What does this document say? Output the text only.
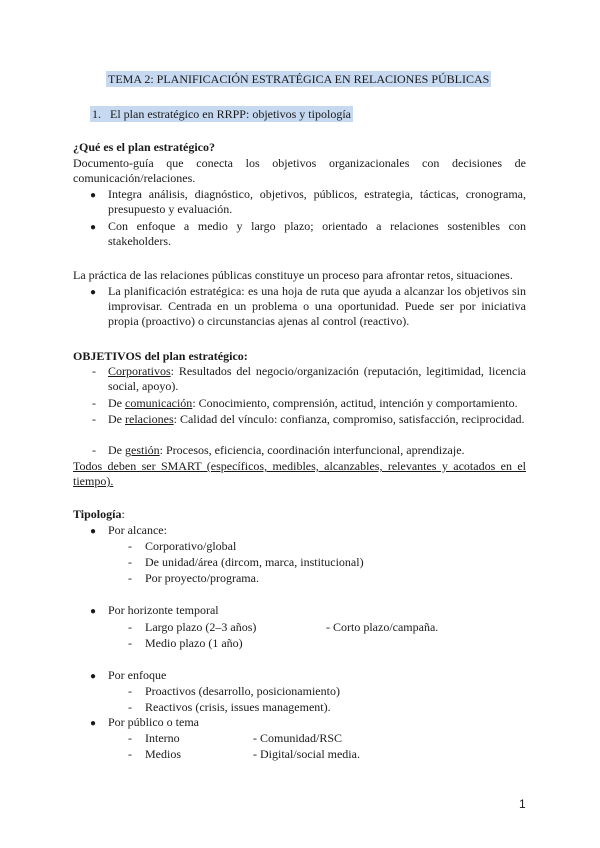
TEMA 2: PLANIFICACIÓN ESTRATÉGICA EN RELACIONES PÚBLICAS
1. El plan estratégico en RRPP: objetivos y tipología
¿Qué es el plan estratégico?
Documento-guía que conecta los objetivos organizacionales con decisiones de comunicación/relaciones.
● Integra análisis, diagnóstico, objetivos, públicos, estrategia, tácticas, cronograma, presupuesto y evaluación.
● Con enfoque a medio y largo plazo; orientado a relaciones sostenibles con stakeholders.
La práctica de las relaciones públicas constituye un proceso para afrontar retos, situaciones.
● La planificación estratégica: es una hoja de ruta que ayuda a alcanzar los objetivos sin improvisar. Centrada en un problema o una oportunidad. Puede ser por iniciativa propia (proactivo) o circunstancias ajenas al control (reactivo).
OBJETIVOS del plan estratégico:
- Corporativos: Resultados del negocio/organización (reputación, legitimidad, licencia social, apoyo).
- De comunicación: Conocimiento, comprensión, actitud, intención y comportamiento.
- De relaciones: Calidad del vínculo: confianza, compromiso, satisfacción, reciprocidad.
- De gestión: Procesos, eficiencia, coordinación interfuncional, aprendizaje.
Todos deben ser SMART (específicos, medibles, alcanzables, relevantes y acotados en el tiempo).
Tipología:
● Por alcance:
- Corporativo/global
- De unidad/área (dircom, marca, institucional)
- Por proyecto/programa.
● Por horizonte temporal
- Largo plazo (2–3 años)	- Corto plazo/campaña.
- Medio plazo (1 año)
● Por enfoque
- Proactivos (desarrollo, posicionamiento)
- Reactivos (crisis, issues management).
● Por público o tema
- Interno	- Comunidad/RSC
- Medios	- Digital/social media.
1
